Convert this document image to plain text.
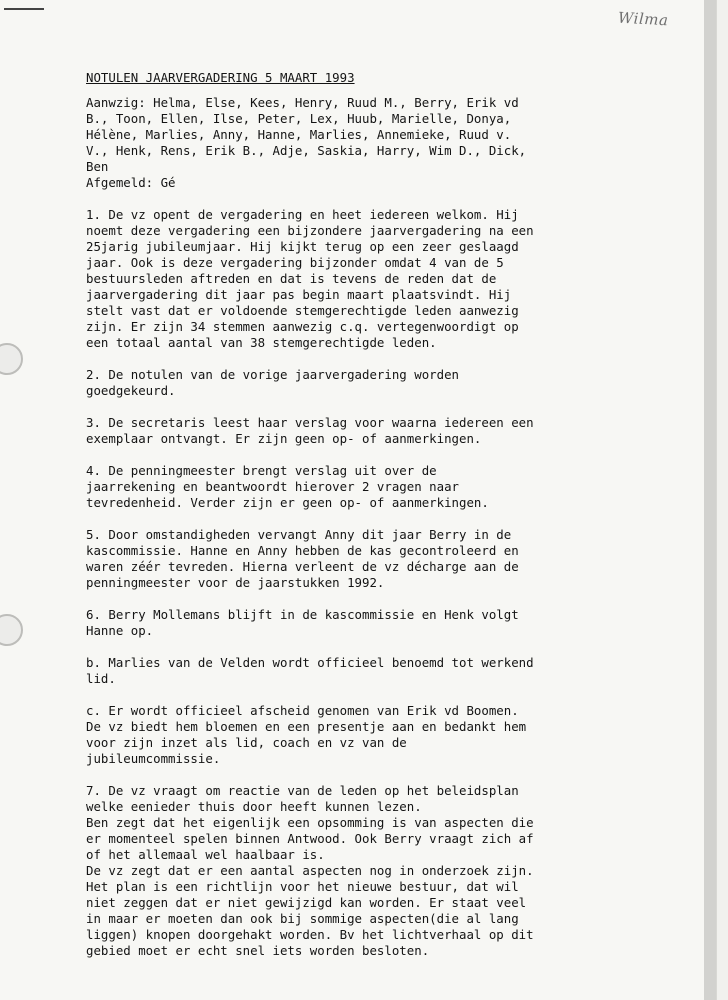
Wilma
NOTULEN JAARVERGADERING 5 MAART 1993
Aanwzig: Helma, Else, Kees, Henry, Ruud M., Berry, Erik vd
B., Toon, Ellen, Ilse, Peter, Lex, Huub, Marielle, Donya,
Hélène, Marlies, Anny, Hanne, Marlies, Annemieke, Ruud v.
V., Henk, Rens, Erik B., Adje, Saskia, Harry, Wim D., Dick,
Ben
Afgemeld: Gé
1. De vz opent de vergadering en heet iedereen welkom. Hij
noemt deze vergadering een bijzondere jaarvergadering na een
25jarig jubileumjaar. Hij kijkt terug op een zeer geslaagd
jaar. Ook is deze vergadering bijzonder omdat 4 van de 5
bestuursleden aftreden en dat is tevens de reden dat de
jaarvergadering dit jaar pas begin maart plaatsvindt. Hij
stelt vast dat er voldoende stemgerechtigde leden aanwezig
zijn. Er zijn 34 stemmen aanwezig c.q. vertegenwoordigt op
een totaal aantal van 38 stemgerechtigde leden.
2. De notulen van de vorige jaarvergadering worden
goedgekeurd.
3. De secretaris leest haar verslag voor waarna iedereen een
exemplaar ontvangt. Er zijn geen op- of aanmerkingen.
4. De penningmeester brengt verslag uit over de
jaarrekening en beantwoordt hierover 2 vragen naar
tevredenheid. Verder zijn er geen op- of aanmerkingen.
5. Door omstandigheden vervangt Anny dit jaar Berry in de
kascommissie. Hanne en Anny hebben de kas gecontroleerd en
waren zéér tevreden. Hierna verleent de vz décharge aan de
penningmeester voor de jaarstukken 1992.
6. Berry Mollemans blijft in de kascommissie en Henk volgt
Hanne op.
b. Marlies van de Velden wordt officieel benoemd tot werkend
lid.
c. Er wordt officieel afscheid genomen van Erik vd Boomen.
De vz biedt hem bloemen en een presentje aan en bedankt hem
voor zijn inzet als lid, coach en vz van de
jubileumcommissie.
7. De vz vraagt om reactie van de leden op het beleidsplan
welke eenieder thuis door heeft kunnen lezen.
Ben zegt dat het eigenlijk een opsomming is van aspecten die
er momenteel spelen binnen Antwood. Ook Berry vraagt zich af
of het allemaal wel haalbaar is.
De vz zegt dat er een aantal aspecten nog in onderzoek zijn.
Het plan is een richtlijn voor het nieuwe bestuur, dat wil
niet zeggen dat er niet gewijzigd kan worden. Er staat veel
in maar er moeten dan ook bij sommige aspecten(die al lang
liggen) knopen doorgehakt worden. Bv het lichtverhaal op dit
gebied moet er echt snel iets worden besloten.
